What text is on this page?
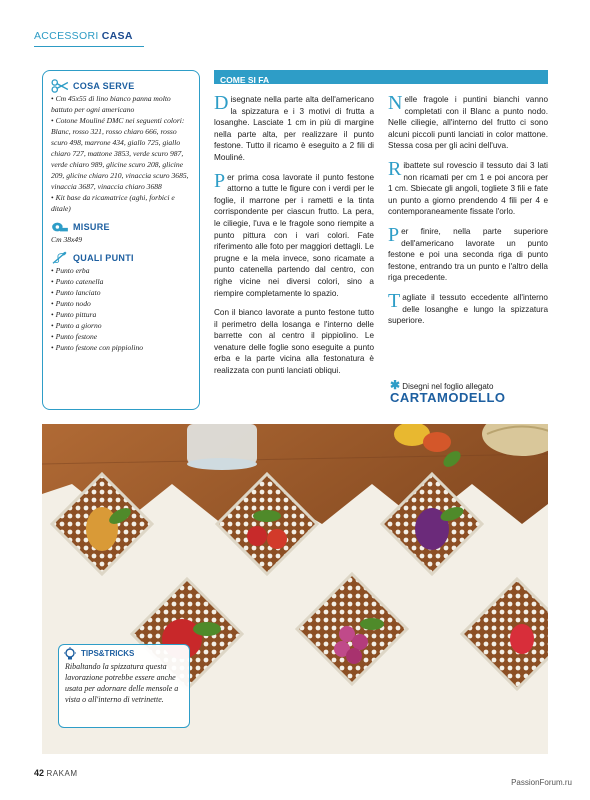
ACCESSORI CASA
COSA SERVE
• Cm 45x55 di lino bianco panna molto battuto per ogni americano
• Cotone Mouliné DMC nei seguenti colori: Blanc, rosso 321, rosso chiaro 666, rosso scuro 498, marrone 434, giallo 725, giallo chiaro 727, mattone 3853, verde scuro 987, verde chiaro 989, glicine scuro 208, glicine 209, glicine chiaro 210, vinaccia scuro 3685, vinaccia 3687, vinaccia chiaro 3688
• Kit base da ricamatrice (aghi, forbici e ditale)
MISURE
Cm 38x49
QUALI PUNTI
• Punto erba
• Punto catenella
• Punto lanciato
• Punto nodo
• Punto pittura
• Punto a giorno
• Punto festone
• Punto festone con pippiolino
COME SI FA

Disegnate nella parte alta dell'americano la spizzatura e i 3 motivi di frutta a losanghe. Lasciate 1 cm in più di margine nella parte alta, per realizzare il punto festone. Tutto il ricamo è eseguito a 2 fili di Mouliné.

Per prima cosa lavorate il punto festone attorno a tutte le figure con i verdi per le foglie, il marrone per i rametti e la tinta corrispondente per ciascun frutto. La pera, le ciliegie, l'uva e le fragole sono riempite a punto pittura con i vari colori. Fate riferimento alle foto per maggiori dettagli. Le prugne e la mela invece, sono ricamate a punto catenella partendo dal centro, con righe vicine nei diversi colori, sino a riempire completamente lo spazio.

Con il bianco lavorate a punto festone tutto il perimetro della losanga e l'interno delle barrette con al centro il pippiolino. Le venature delle foglie sono eseguite a punto erba e la parte vicina alla festonatura è realizzata con punti lanciati obliqui.

Nelle fragole i puntini bianchi vanno completati con il Blanc a punto nodo. Nelle ciliegie, all'interno del frutto ci sono alcuni piccoli punti lanciati in color mattone. Stessa cosa per gli acini dell'uva.

Ribattete sul rovescio il tessuto dai 3 lati non ricamati per cm 1 e poi ancora per 1 cm. Sbiecate gli angoli, togliete 3 fili e fate un punto a giorno prendendo 4 fili per 4 e contemporaneamente fissate l'orlo.

Per finire, nella parte superiore dell'americano lavorate un punto festone e poi una seconda riga di punto festone, entrando tra un punto e l'altro della riga precedente.

Tagliate il tessuto eccedente all'interno delle losanghe e lungo la spizzatura superiore.

✱ Disegni nel foglio allegato
CARTAMODELLO
TIPS&TRICKS
Ribaltando la spizzatura questa lavorazione potrebbe essere anche usata per adornare delle mensole a vista o all'interno di vetrinette.
42 RAKAM
PassionForum.ru
